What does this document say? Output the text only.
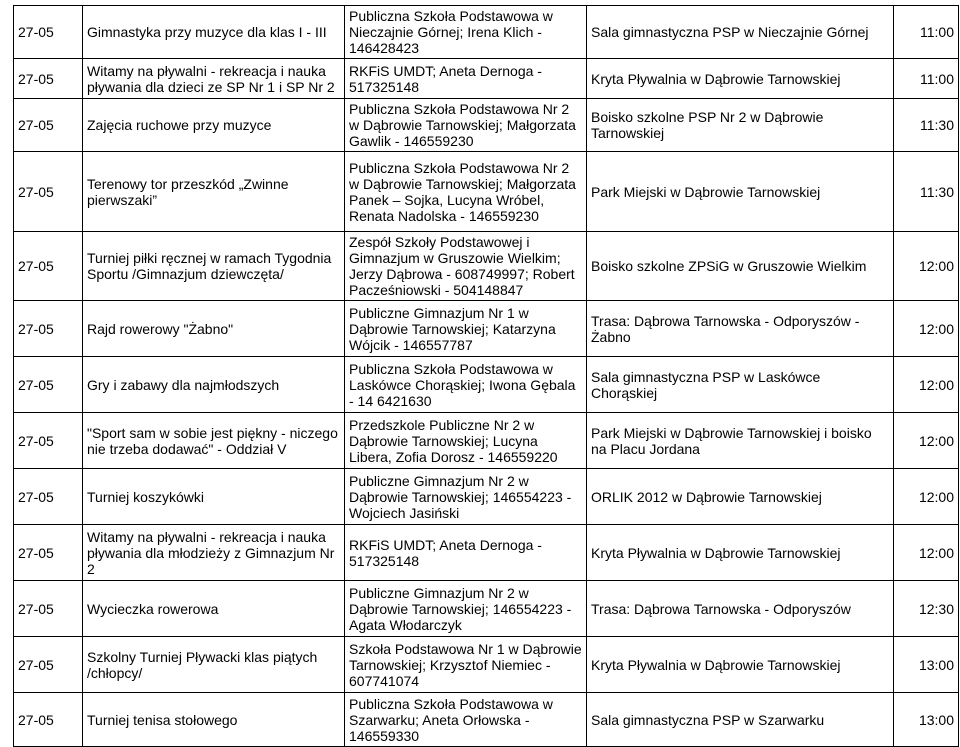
27-05	Gimnastyka przy muzyce dla klas I - III	Publiczna Szkoła Podstawowa w Nieczajnie Górnej; Irena Klich - 146428423	Sala gimnastyczna PSP w Nieczajnie Górnej	11:00
27-05	Witamy na pływalni - rekreacja i nauka pływania dla dzieci ze SP Nr 1 i SP Nr 2	RKFiS UMDT; Aneta Dernoga - 517325148	Kryta Pływalnia w Dąbrowie Tarnowskiej	11:00
27-05	Zajęcia ruchowe przy muzyce	Publiczna Szkoła Podstawowa Nr 2 w Dąbrowie Tarnowskiej; Małgorzata Gawlik - 146559230	Boisko szkolne PSP Nr 2 w Dąbrowie Tarnowskiej	11:30
27-05	Terenowy tor przeszkód „Zwinne pierwszaki”	Publiczna Szkoła Podstawowa Nr 2 w Dąbrowie Tarnowskiej; Małgorzata Panek – Sojka, Lucyna Wróbel, Renata Nadolska - 146559230	Park Miejski w Dąbrowie Tarnowskiej	11:30
27-05	Turniej piłki ręcznej w ramach Tygodnia Sportu /Gimnazjum dziewczęta/	Zespół Szkoły Podstawowej i Gimnazjum w Gruszowie Wielkim; Jerzy Dąbrowa - 608749997; Robert Pacześniowski - 504148847	Boisko szkolne ZPSiG w Gruszowie Wielkim	12:00
27-05	Rajd rowerowy "Żabno"	Publiczne Gimnazjum Nr 1 w Dąbrowie Tarnowskiej; Katarzyna Wójcik - 146557787	Trasa: Dąbrowa Tarnowska - Odporyszów - Żabno	12:00
27-05	Gry i zabawy dla najmłodszych	Publiczna Szkoła Podstawowa w Laskówce Chorąskiej; Iwona Gębala - 14 6421630	Sala gimnastyczna PSP w Laskówce Chorąskiej	12:00
27-05	"Sport sam w sobie jest piękny - niczego nie trzeba dodawać" - Oddział V	Przedszkole Publiczne Nr 2 w Dąbrowie Tarnowskiej; Lucyna Libera, Zofia Dorosz - 146559220	Park Miejski w Dąbrowie Tarnowskiej i boisko na Placu Jordana	12:00
27-05	Turniej koszykówki	Publiczne Gimnazjum Nr 2 w Dąbrowie Tarnowskiej; 146554223 - Wojciech Jasiński	ORLIK 2012 w Dąbrowie Tarnowskiej	12:00
27-05	Witamy na pływalni - rekreacja i nauka pływania dla młodzieży z Gimnazjum Nr 2	RKFiS UMDT; Aneta Dernoga - 517325148	Kryta Pływalnia w Dąbrowie Tarnowskiej	12:00
27-05	Wycieczka rowerowa	Publiczne Gimnazjum Nr 2 w Dąbrowie Tarnowskiej; 146554223 - Agata Włodarczyk	Trasa: Dąbrowa Tarnowska - Odporyszów	12:30
27-05	Szkolny Turniej Pływacki klas piątych /chłopcy/	Szkoła Podstawowa Nr 1 w Dąbrowie Tarnowskiej; Krzysztof Niemiec - 607741074	Kryta Pływalnia w Dąbrowie Tarnowskiej	13:00
27-05	Turniej tenisa stołowego	Publiczna Szkoła Podstawowa w Szarwarku; Aneta Orłowska - 146559330	Sala gimnastyczna PSP w Szarwarku	13:00
